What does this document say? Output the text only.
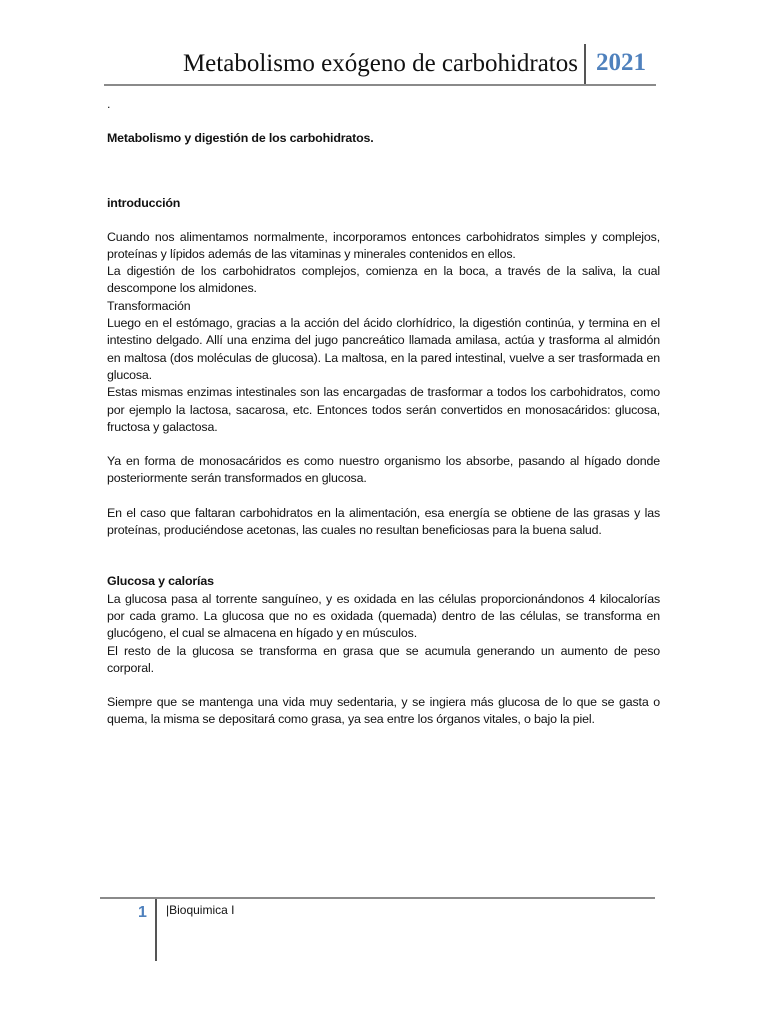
Metabolismo exógeno de carbohidratos 2021

.

Metabolismo y digestión de los carbohidratos.

introducción

Cuando nos alimentamos normalmente, incorporamos entonces carbohidratos simples y complejos, proteínas y lípidos además de las vitaminas y minerales contenidos en ellos.

La digestión de los carbohidratos complejos, comienza en la boca, a través de la saliva, la cual descompone los almidones.

Transformación

Luego en el estómago, gracias a la acción del ácido clorhídrico, la digestión continúa, y termina en el intestino delgado. Allí una enzima del jugo pancreático llamada amilasa, actúa y trasforma al almidón en maltosa (dos moléculas de glucosa). La maltosa, en la pared intestinal, vuelve a ser trasformada en glucosa.

Estas mismas enzimas intestinales son las encargadas de trasformar a todos los carbohidratos, como por ejemplo la lactosa, sacarosa, etc. Entonces todos serán convertidos en monosacáridos: glucosa, fructosa y galactosa.

Ya en forma de monosacáridos es como nuestro organismo los absorbe, pasando al hígado donde posteriormente serán transformados en glucosa.

En el caso que faltaran carbohidratos en la alimentación, esa energía se obtiene de las grasas y las proteínas, produciéndose acetonas, las cuales no resultan beneficiosas para la buena salud.

Glucosa y calorías

La glucosa pasa al torrente sanguíneo, y es oxidada en las células proporcionándonos 4 kilocalorías por cada gramo. La glucosa que no es oxidada (quemada) dentro de las células, se transforma en glucógeno, el cual se almacena en hígado y en músculos.

El resto de la glucosa se transforma en grasa que se acumula generando un aumento de peso corporal.

Siempre que se mantenga una vida muy sedentaria, y se ingiera más glucosa de lo que se gasta o quema, la misma se depositará como grasa, ya sea entre los órganos vitales, o bajo la piel.

1 |Bioquimica I
